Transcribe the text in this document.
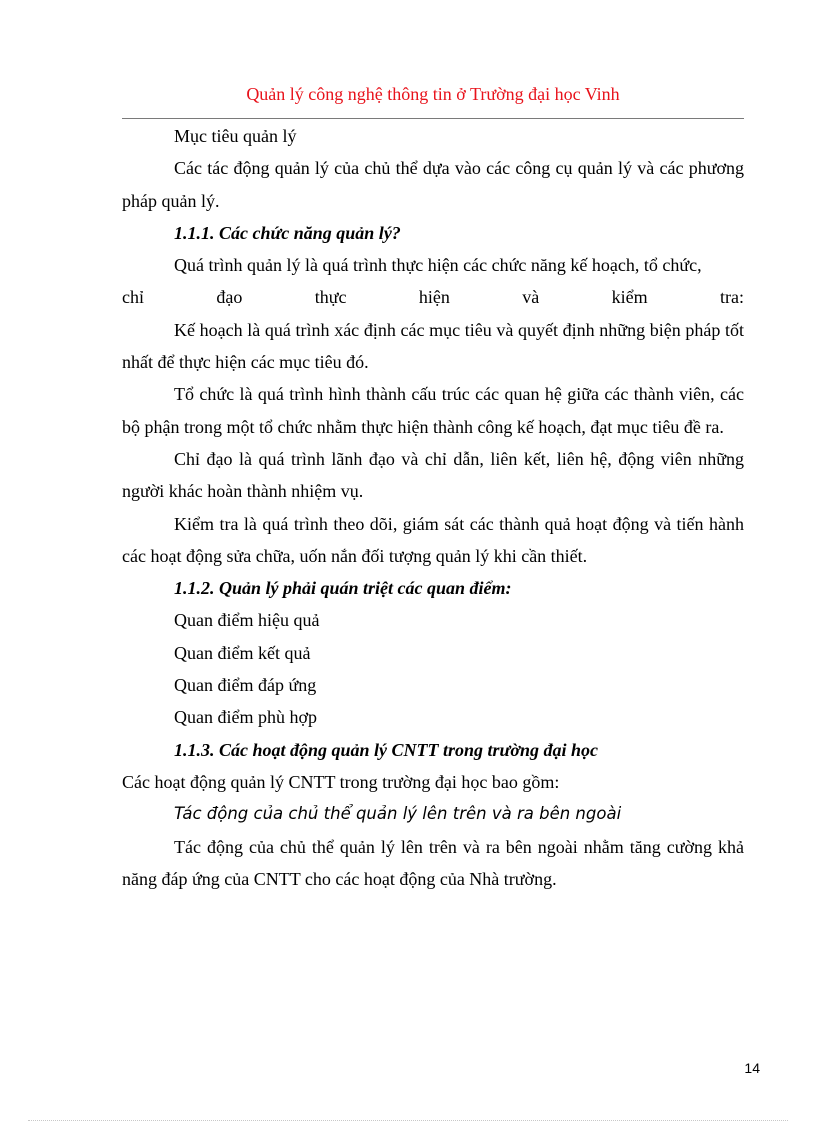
Quản lý công nghệ thông tin ở Trường đại học Vinh

Mục tiêu quản lý

Các tác động quản lý của chủ thể dựa vào các công cụ quản lý và các phương pháp quản lý.

1.1.1. Các chức năng quản lý?

Quá trình quản lý là quá trình thực hiện các chức năng kế hoạch, tổ chức,

chỉ đạo thực hiện và kiểm tra:

Kế hoạch là quá trình xác định các mục tiêu và quyết định những biện pháp tốt nhất để thực hiện các mục tiêu đó.

Tổ chức là quá trình hình thành cấu trúc các quan hệ giữa các thành viên, các bộ phận trong một tổ chức nhằm thực hiện thành công kế hoạch, đạt mục tiêu đề ra.

Chỉ đạo là quá trình lãnh đạo và chỉ dẫn, liên kết, liên hệ, động viên những người khác hoàn thành nhiệm vụ.

Kiểm tra là quá trình theo dõi, giám sát các thành quả hoạt động và tiến hành các hoạt động sửa chữa, uốn nắn đối tượng quản lý khi cần thiết.

1.1.2. Quản lý phải quán triệt các quan điểm:

Quan điểm hiệu quả

Quan điểm kết quả

Quan điểm đáp ứng

Quan điểm phù hợp

1.1.3. Các hoạt động quản lý CNTT trong trường đại học

Các hoạt động quản lý CNTT trong trường đại học bao gồm:

Tác động của chủ thể quản lý lên trên và ra bên ngoài

Tác động của chủ thể quản lý lên trên và ra bên ngoài nhằm tăng cường khả năng đáp ứng của CNTT cho các hoạt động của Nhà trường.

14
